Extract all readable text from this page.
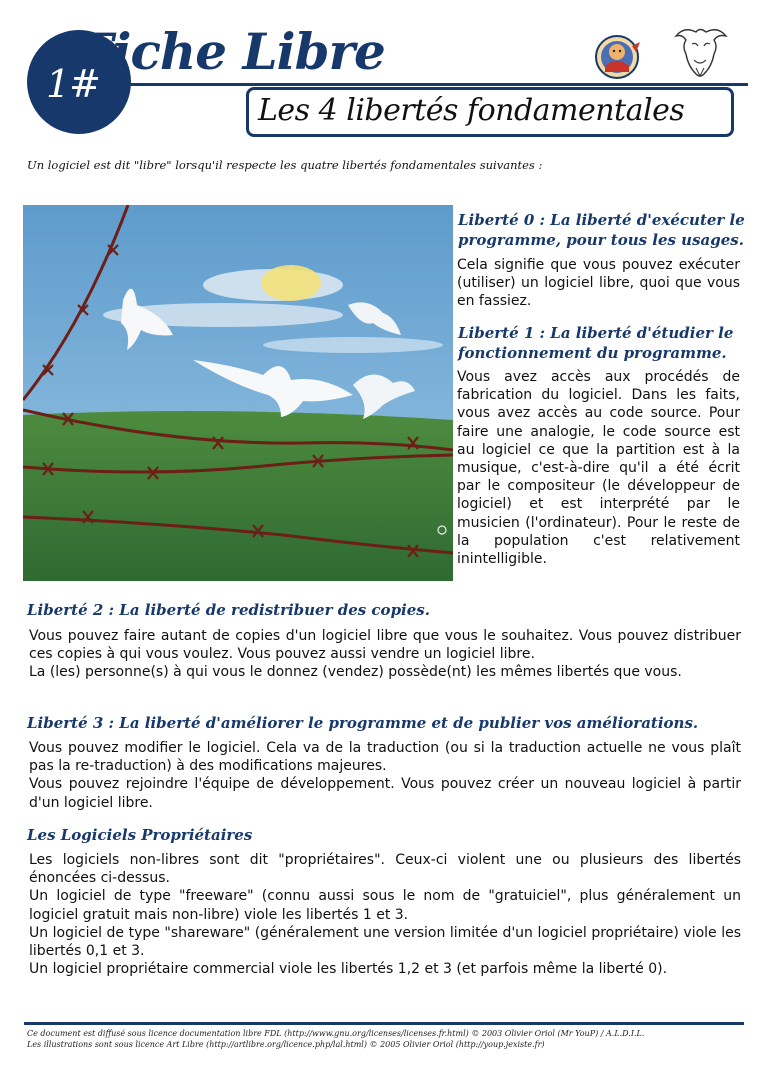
1#
Fiche Libre
Les 4 libertés fondamentales
Un logiciel est dit "libre" lorsqu'il respecte les quatre libertés fondamentales suivantes :
Liberté 0 : La liberté d'exécuter le programme, pour tous les usages.
Cela signifie que vous pouvez exécuter (utiliser) un logiciel libre, quoi que vous en fassiez.
Liberté 1 : La liberté d'étudier le fonctionnement du programme.
Vous avez accès aux procédés de fabrication du logiciel. Dans les faits, vous avez accès au code source. Pour faire une analogie, le code source est au logiciel ce que la partition est à la musique, c'est-à-dire qu'il a été écrit par le compositeur (le développeur de logiciel) et est interprété par le musicien (l'ordinateur). Pour le reste de la population c'est relativement inintelligible.
Liberté 2 : La liberté de redistribuer des copies.
Vous pouvez faire autant de copies d'un logiciel libre que vous le souhaitez. Vous pouvez distribuer ces copies à qui vous voulez. Vous pouvez aussi vendre un logiciel libre.
La (les) personne(s) à qui vous le donnez (vendez) possède(nt) les mêmes libertés que vous.
Liberté 3 : La liberté d'améliorer le programme et de publier vos améliorations.
Vous pouvez modifier le logiciel. Cela va de la traduction (ou si la traduction actuelle ne vous plaît pas la re-traduction) à des modifications majeures.
Vous pouvez rejoindre l'équipe de développement. Vous pouvez créer un nouveau logiciel à partir d'un logiciel libre.
Les Logiciels Propriétaires
Les logiciels non-libres sont dit "propriétaires". Ceux-ci violent une ou plusieurs des libertés énoncées ci-dessus.
Un logiciel de type "freeware" (connu aussi sous le nom de "gratuiciel", plus généralement un logiciel gratuit mais non-libre) viole les libertés 1 et 3.
Un logiciel de type "shareware" (généralement une version limitée d'un logiciel propriétaire) viole les libertés 0,1 et 3.
Un logiciel propriétaire commercial viole les libertés 1,2 et 3 (et parfois même la liberté 0).
Ce document est diffusé sous licence documentation libre FDL (http://www.gnu.org/licenses/licenses.fr.html) © 2003 Olivier Oriol (Mr YouP) / A.L.D.I.L.
Les illustrations sont sous licence Art Libre (http://artlibre.org/licence.php/lal.html) © 2005 Olivier Oriol (http://youp.jexiste.fr)
